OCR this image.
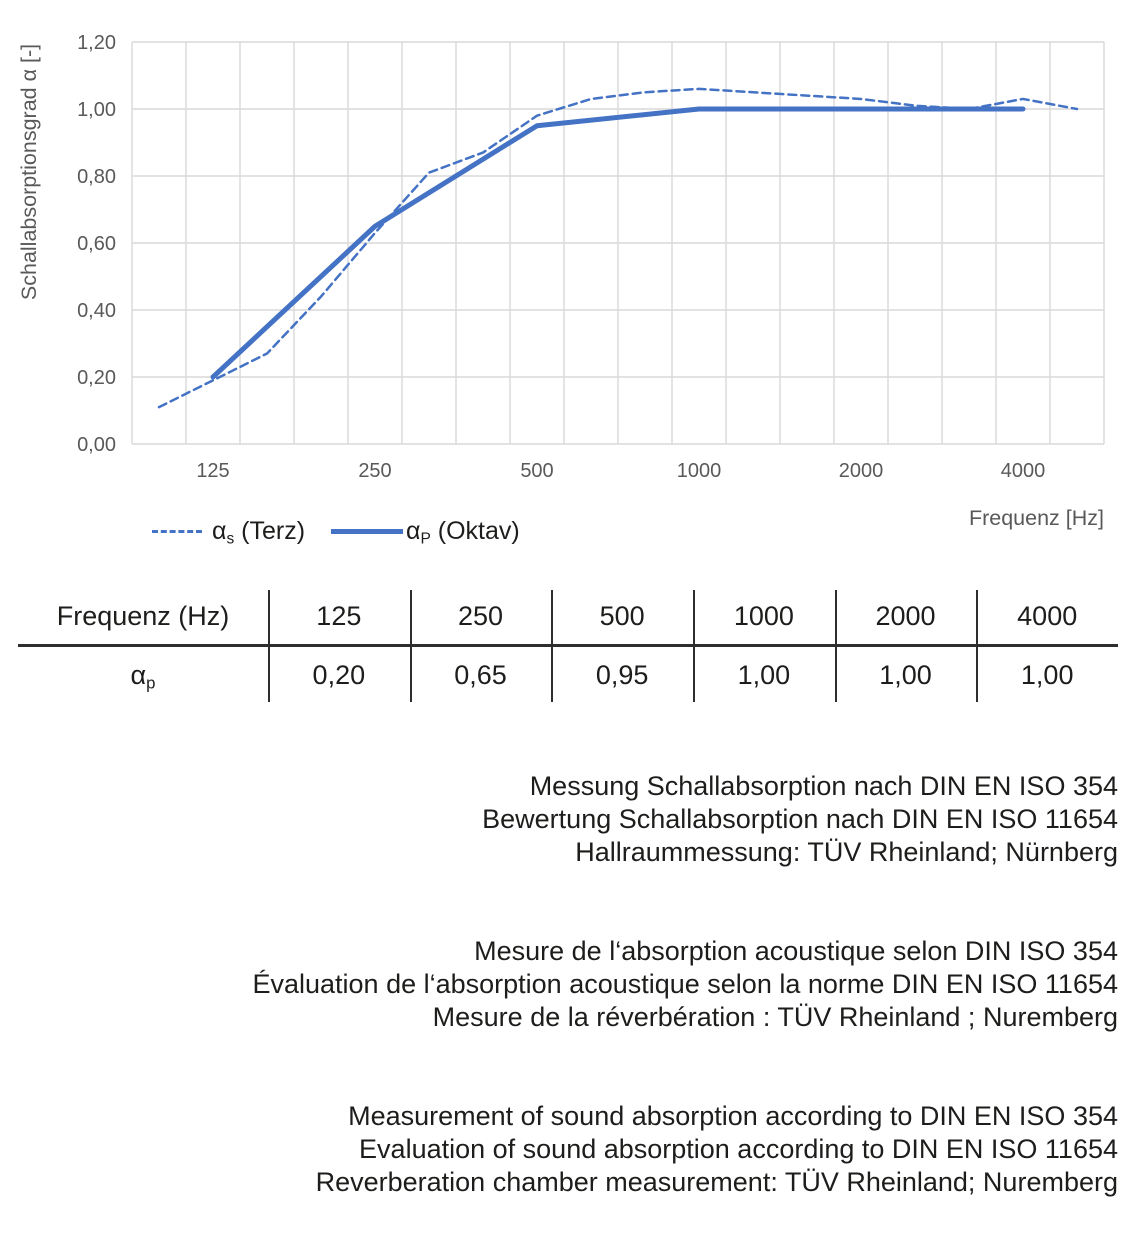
0,00
0,20
0,40
0,60
0,80
1,00
1,20
125	250	500	1000	2000	4000
Frequenz [Hz]
Schallabsorptionsgrad α [-]
$\alpha_s$ (Terz)	$\alpha_P$ (Oktav)
Frequenz (Hz)	125	250	500	1000	2000	4000
$\alpha_p$	0,20	0,65	0,95	1,00	1,00	1,00
Messung Schallabsorption nach DIN EN ISO 354
Bewertung Schallabsorption nach DIN EN ISO 11654
Hallraummessung: TÜV Rheinland; Nürnberg
Mesure de l‘absorption acoustique selon DIN ISO 354
Évaluation de l‘absorption acoustique selon la norme DIN EN ISO 11654
Mesure de la réverbération : TÜV Rheinland ; Nuremberg
Measurement of sound absorption according to DIN EN ISO 354
Evaluation of sound absorption according to DIN EN ISO 11654
Reverberation chamber measurement: TÜV Rheinland; Nuremberg
